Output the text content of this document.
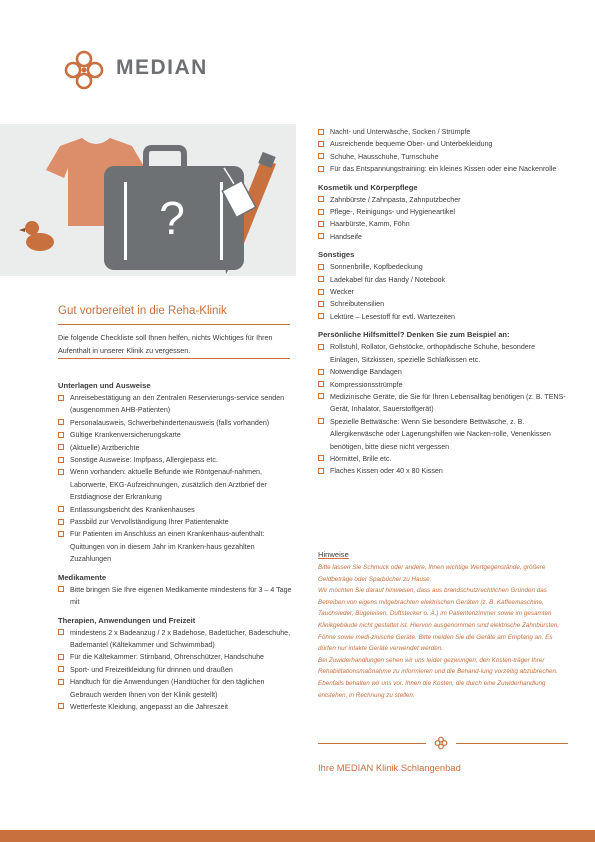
MEDIAN
?
Gut vorbereitet in die Reha-Klinik
Die folgende Checkliste soll Ihnen helfen, nichts Wichtiges für Ihren Aufenthalt in unserer Klinik zu vergessen.
Unterlagen und Ausweise
Anreisebestätigung an den Zentralen Reservierungs-service senden (ausgenommen AHB-Patienten)
Personalausweis, Schwerbehindertenausweis (falls vorhanden)
Gültige Krankenversicherungskarte
(Aktuelle) Arztberichte
Sonstige Ausweise: Impfpass, Allergiepass etc.
Wenn vorhanden: aktuelle Befunde wie Röntgenauf-nahmen, Laborwerte, EKG-Aufzeichnungen, zusätzlich den Arztbrief der Erstdiagnose der Erkrankung
Entlassungsbericht des Krankenhauses
Passbild zur Vervollständigung Ihrer Patientenakte
Für Patienten im Anschluss an einen Krankenhaus-aufenthalt: Quittungen von in diesem Jahr im Kranken-haus gezahlten Zuzahlungen
Medikamente
Bitte bringen Sie Ihre eigenen Medikamente mindestens für 3 – 4 Tage mit
Therapien, Anwendungen und Freizeit
mindestens 2 x Badeanzug / 2 x Badehose, Badetücher, Badeschuhe, Bademantel (Kältekammer und Schwimmbad)
Für die Kältekammer: Stirnband, Ohrenschützer, Handschuhe
Sport- und Freizeitkleidung für drinnen und draußen
Handtuch für die Anwendungen (Handtücher für den täglichen Gebrauch werden Ihnen von der Klinik gestellt)
Wetterfeste Kleidung, angepasst an die Jahreszeit
Nacht- und Unterwäsche, Socken / Strümpfe
Ausreichende bequeme Ober- und Unterbekleidung
Schuhe, Hausschuhe, Turnschuhe
Für das Entspannungstraining: ein kleines Kissen oder eine Nackenrolle
Kosmetik und Körperpflege
Zahnbürste / Zahnpasta, Zahnputzbecher
Pflege-, Reinigungs- und Hygieneartikel
Haarbürste, Kamm, Föhn
Handseife
Sonstiges
Sonnenbrille, Kopfbedeckung
Ladekabel für das Handy / Notebook
Wecker
Schreibutensilien
Lektüre – Lesestoff für evtl. Wartezeiten
Persönliche Hilfsmittel? Denken Sie zum Beispiel an:
Rollstuhl, Rollator, Gehstöcke, orthopädische Schuhe, besondere Einlagen, Sitzkissen, spezielle Schlafkissen etc.
Notwendige Bandagen
Kompressionsstrümpfe
Medizinische Geräte, die Sie für Ihren Lebensalltag benötigen (z. B. TENS-Gerät, Inhalator, Sauerstoffgerät)
Spezielle Bettwäsche: Wenn Sie besondere Bettwäsche, z. B. Allergikerwäsche oder Lagerungshilfen wie Nacken-rolle, Venenkissen benötigen, bitte diese nicht vergessen
Hörmittel, Brille etc.
Flaches Kissen oder 40 x 80 Kissen
Hinweise

Bitte lassen Sie Schmuck oder andere, Ihnen wichtige Wertgegenstände, größere Geldbeträge oder Sparbücher zu Hause.

Wir möchten Sie darauf hinweisen, dass aus brandschutzrechtlichen Gründen das Betreiben von eigens mitgebrachten elektrischen Geräten (z. B. Kaffeemaschine, Tauchsieder, Bügeleisen, Duftstecker o. Ä.) im Patientenzimmer sowie im gesamten Klinikgebäude nicht gestattet ist. Hiervon ausgenommen sind elektrische Zahnbürsten, Föhne sowie medi-zinische Geräte. Bitte melden Sie die Geräte am Empfang an. Es dürfen nur intakte Geräte verwendet werden.

Bei Zuwiderhandlungen sehen wir uns leider gezwungen, den Kosten-träger Ihrer Rehabilitationsmaßnahme zu informieren und die Behand-lung vorzeitig abzubrechen. Ebenfalls behalten wir uns vor, Ihnen die Kosten, die durch eine Zuwiderhandlung entstehen, in Rechnung zu stellen.

Ihre MEDIAN Klinik Schlangenbad
